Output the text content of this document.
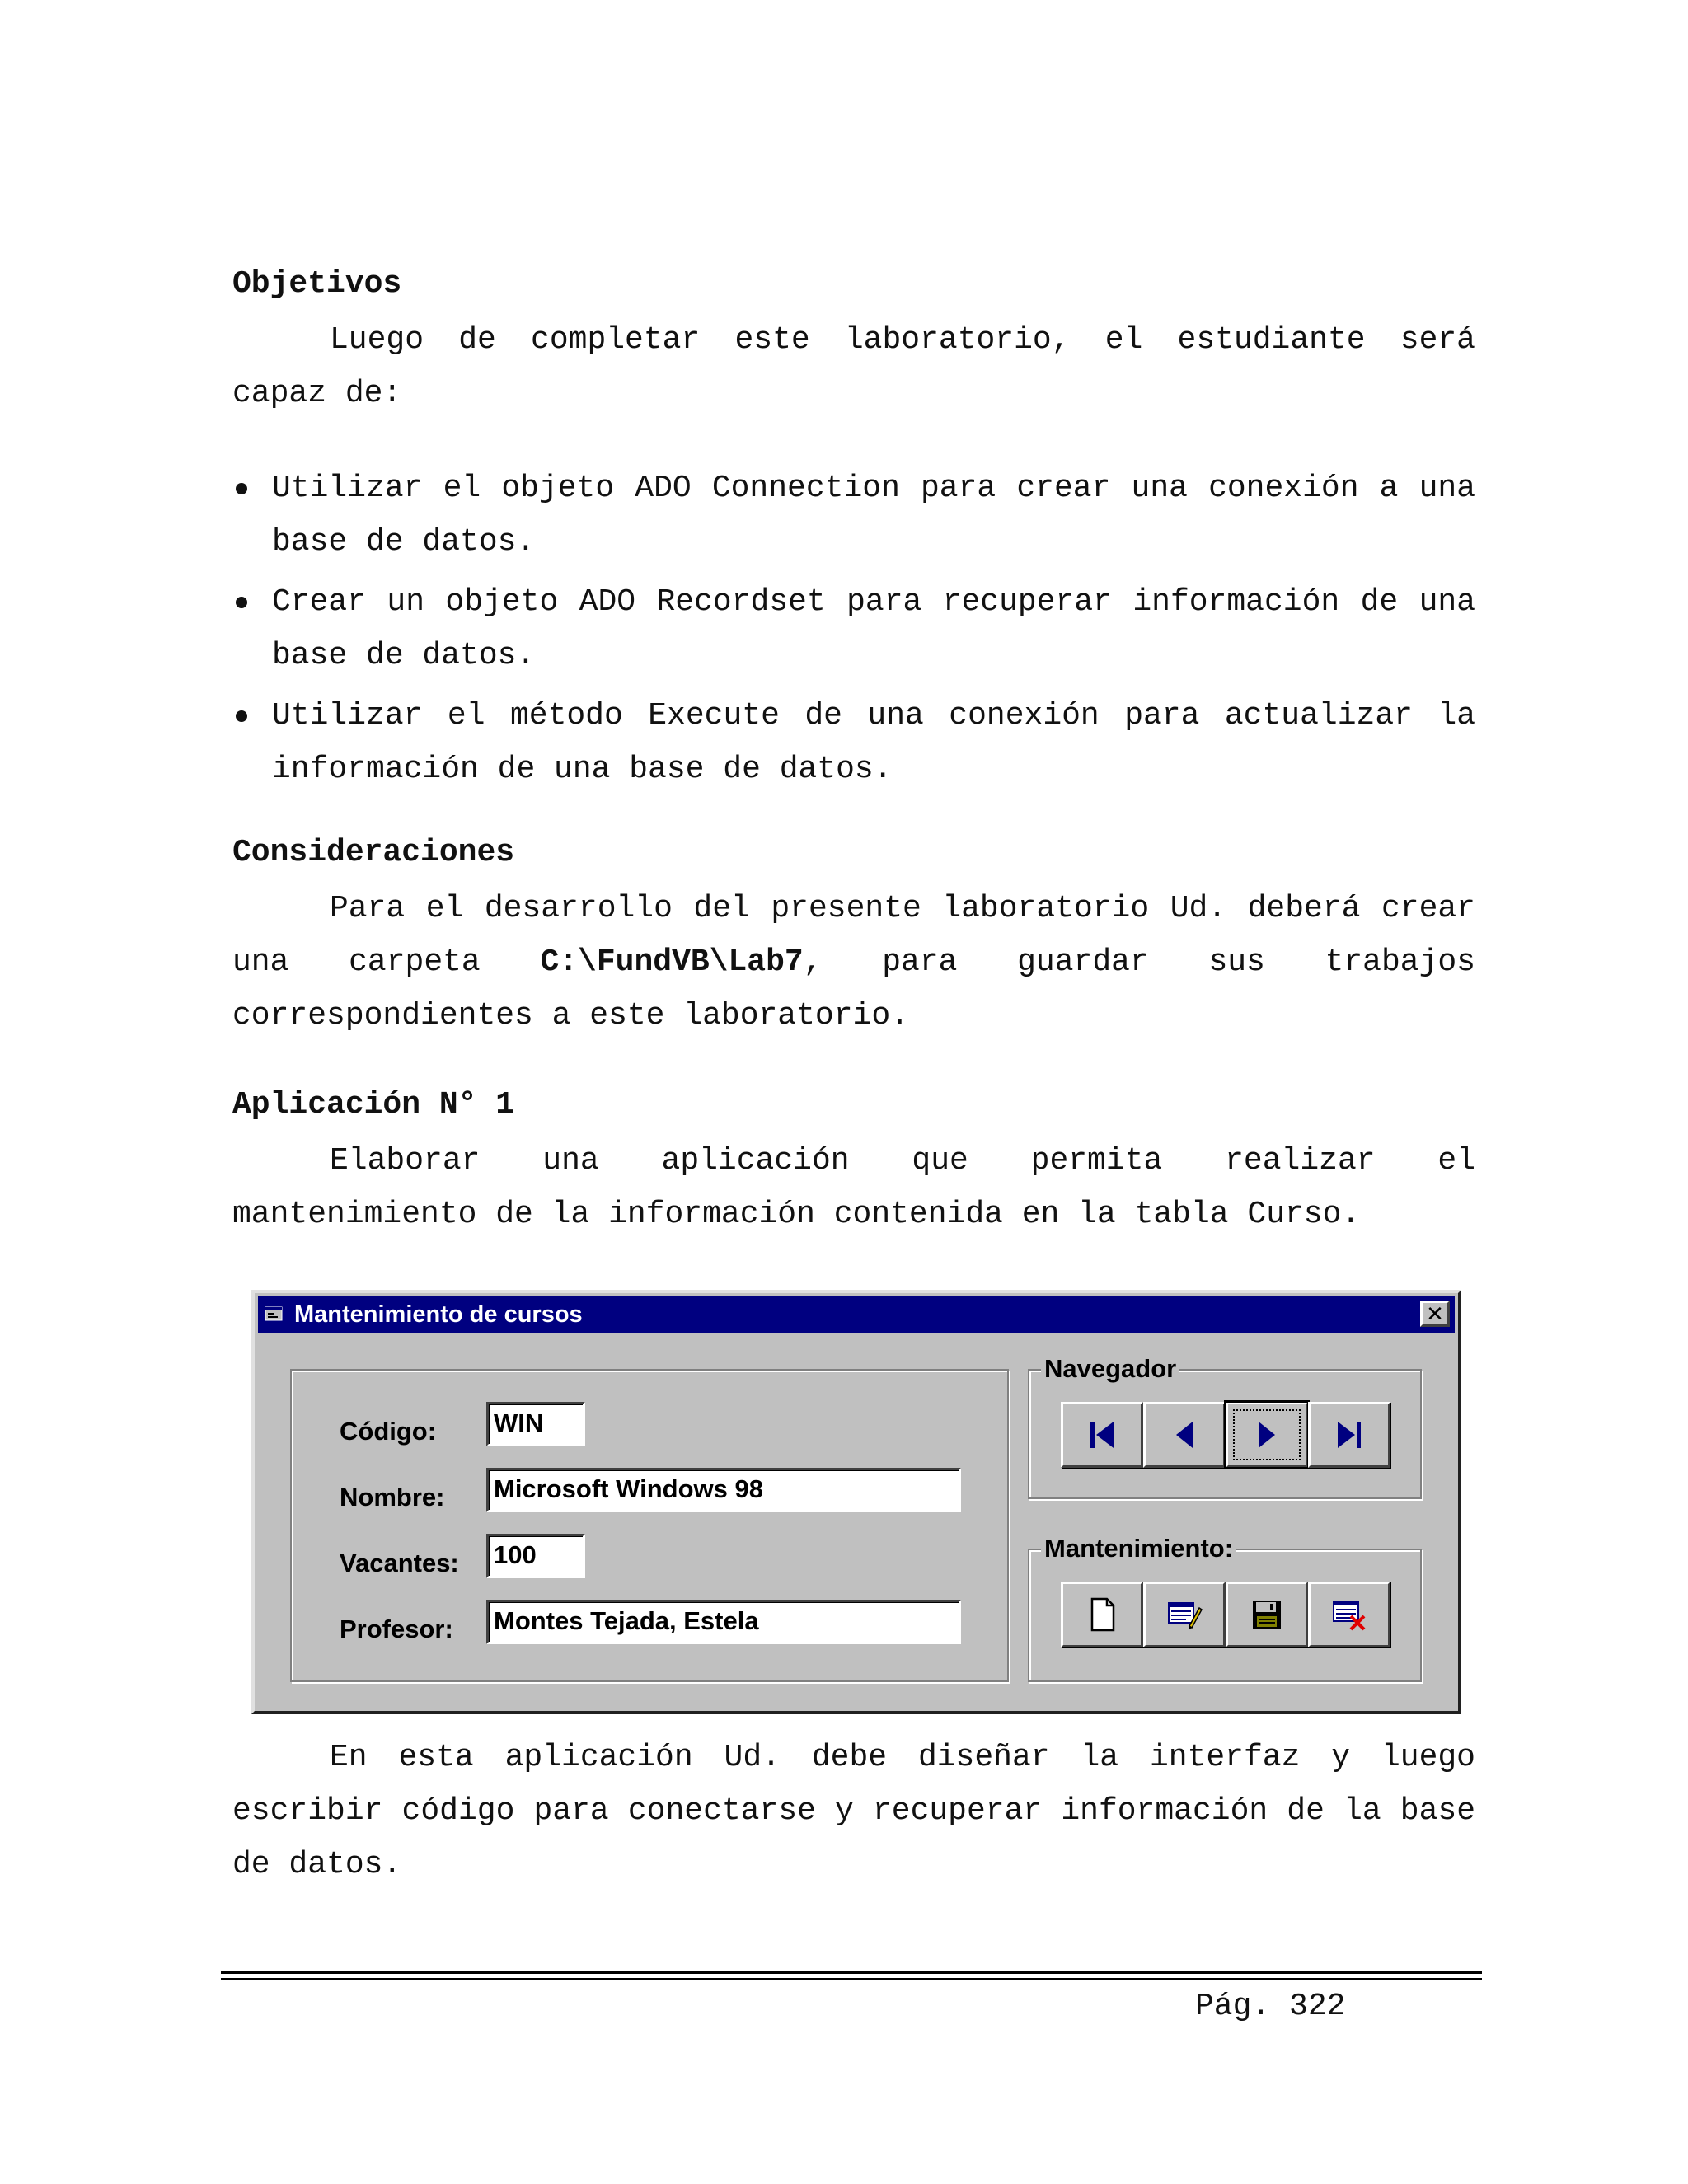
Objetivos
Luego de completar este laboratorio, el estudiante será capaz de:
Utilizar el objeto ADO Connection para crear una conexión a una base de datos.
Crear un objeto ADO Recordset para recuperar información de una base de datos.
Utilizar el método Execute de una conexión para actualizar la información de una base de datos.
Consideraciones
Para el desarrollo del presente laboratorio Ud. deberá crear una carpeta C:\FundVB\Lab7, para guardar sus trabajos correspondientes a este laboratorio.
Aplicación N° 1
Elaborar una aplicación que permita realizar el mantenimiento de la información contenida en la tabla Curso.
Mantenimiento de cursos	✕
Código: WIN
Nombre: Microsoft Windows 98
Vacantes: 100
Profesor: Montes Tejada, Estela
Navegador
Mantenimiento:
En esta aplicación Ud. debe diseñar la interfaz y luego escribir código para conectarse y recuperar información de la base de datos.
Pág. 322
